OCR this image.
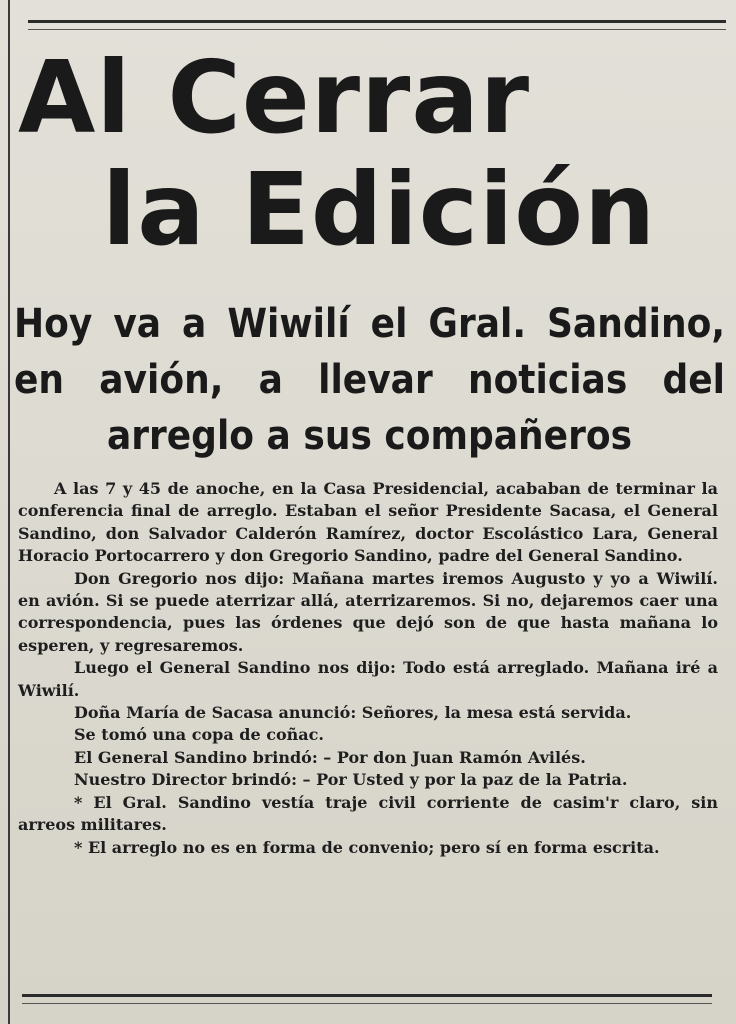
Al Cerrar
la Edición
Hoy va a Wiwilí el Gral. Sandino, en avión, a llevar noticias del arreglo a sus compañeros

A las 7 y 45 de anoche, en la Casa Presidencial, acababan de terminar la conferencia final de arreglo. Estaban el señor Presidente Sacasa, el General Sandino, don Salvador Calderón Ramírez, doctor Escolástico Lara, General Horacio Portocarrero y don Gregorio Sandino, padre del General Sandino.

Don Gregorio nos dijo: Mañana martes iremos Augusto y yo a Wiwilí. en avión. Si se puede aterrizar allá, aterrizaremos. Si no, dejaremos caer una correspondencia, pues las órdenes que dejó son de que hasta mañana lo esperen, y regresaremos.

Luego el General Sandino nos dijo: Todo está arreglado. Mañana iré a Wiwilí.

Doña María de Sacasa anunció: Señores, la mesa está servida.

Se tomó una copa de coñac.

El General Sandino brindó: – Por don Juan Ramón Avilés.

Nuestro Director brindó: – Por Usted y por la paz de la Patria.

* El Gral. Sandino vestía traje civil corriente de casim'r claro, sin arreos militares.

* El arreglo no es en forma de convenio; pero sí en forma escrita.
